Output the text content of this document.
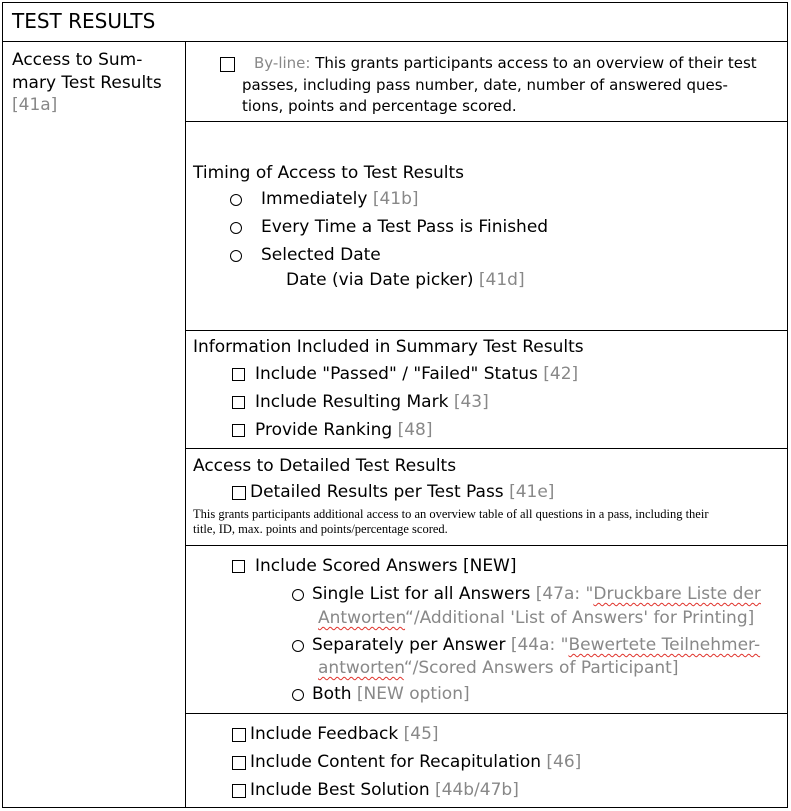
TEST RESULTS
Access to Sum-
mary Test Results
[41a]
By-line: This grants participants access to an overview of their test
passes, including pass number, date, number of answered ques-
tions, points and percentage scored.
Timing of Access to Test Results
Immediately [41b]
Every Time a Test Pass is Finished
Selected Date
Date (via Date picker) [41d]
Information Included in Summary Test Results
Include "Passed" / "Failed" Status [42]
Include Resulting Mark [43]
Provide Ranking [48]
Access to Detailed Test Results
Detailed Results per Test Pass [41e]
This grants participants additional access to an overview table of all questions in a pass, including their
title, ID, max. points and points/percentage scored.
Include Scored Answers [NEW]
Single List for all Answers [47a: "Druckbare Liste der
Antworten“/Additional 'List of Answers' for Printing]
Separately per Answer [44a: "Bewertete Teilnehmer-
antworten“/Scored Answers of Participant]
Both [NEW option]
Include Feedback [45]
Include Content for Recapitulation [46]
Include Best Solution [44b/47b]
